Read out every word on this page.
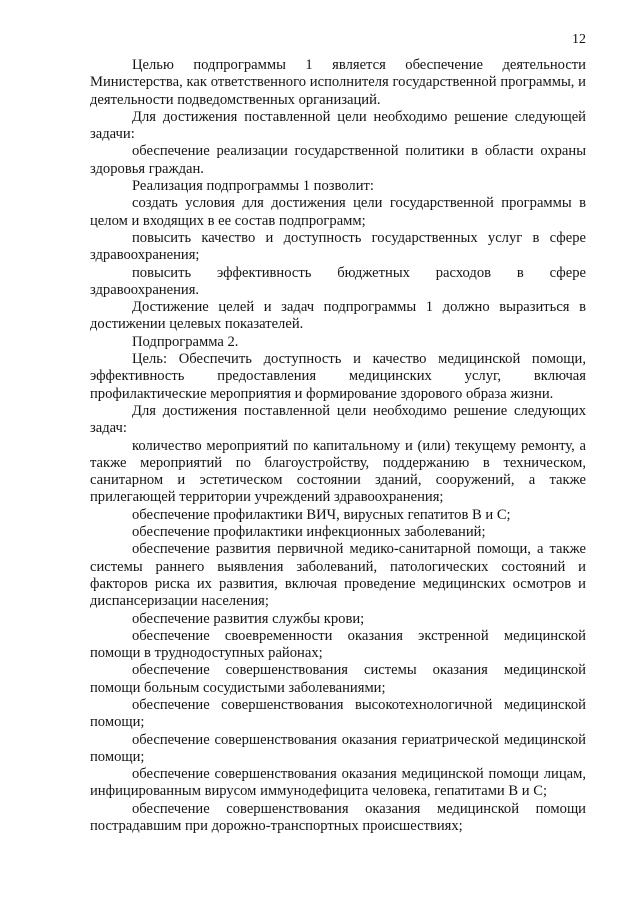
12

Целью подпрограммы 1 является обеспечение деятельности Министерства, как ответственного исполнителя государственной программы, и деятельности подведомственных организаций.

Для достижения поставленной цели необходимо решение следующей задачи:

обеспечение реализации государственной политики в области охраны здоровья граждан.

Реализация подпрограммы 1 позволит:

создать условия для достижения цели государственной программы в целом и входящих в ее состав подпрограмм;

повысить качество и доступность государственных услуг в сфере здравоохранения;

повысить эффективность бюджетных расходов в сфере здравоохранения.

Достижение целей и задач подпрограммы 1 должно выразиться в достижении целевых показателей.

Подпрограмма 2.

Цель: Обеспечить доступность и качество медицинской помощи, эффективность предоставления медицинских услуг, включая профилактические мероприятия и формирование здорового образа жизни.

Для достижения поставленной цели необходимо решение следующих задач:

количество мероприятий по капитальному и (или) текущему ремонту, а также мероприятий по благоустройству, поддержанию в техническом, санитарном и эстетическом состоянии зданий, сооружений, а также прилегающей территории учреждений здравоохранения;

обеспечение профилактики ВИЧ, вирусных гепатитов В и С;

обеспечение профилактики инфекционных заболеваний;

обеспечение развития первичной медико-санитарной помощи, а также системы раннего выявления заболеваний, патологических состояний и факторов риска их развития, включая проведение медицинских осмотров и диспансеризации населения;

обеспечение развития службы крови;

обеспечение своевременности оказания экстренной медицинской помощи в труднодоступных районах;

обеспечение совершенствования системы оказания медицинской помощи больным сосудистыми заболеваниями;

обеспечение совершенствования высокотехнологичной медицинской помощи;

обеспечение совершенствования оказания гериатрической медицинской помощи;

обеспечение совершенствования оказания медицинской помощи лицам, инфицированным вирусом иммунодефицита человека, гепатитами В и С;

обеспечение совершенствования оказания медицинской помощи пострадавшим при дорожно-транспортных происшествиях;
